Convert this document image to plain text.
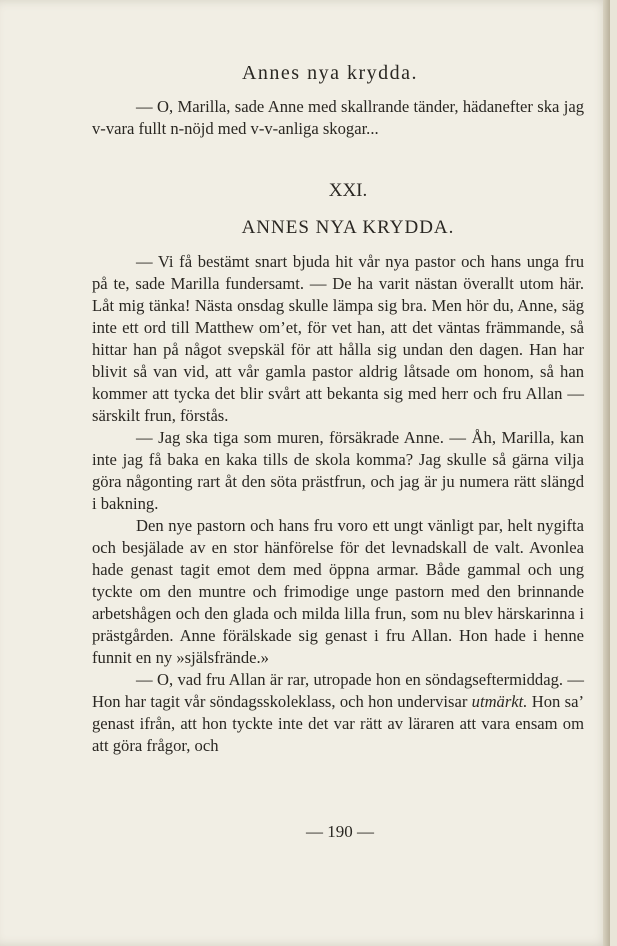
Annes nya krydda.

— O, Marilla, sade Anne med skallrande tänder, hädanefter ska jag v-vara fullt n-nöjd med v-v-anliga skogar...

XXI.

ANNES NYA KRYDDA.

— Vi få bestämt snart bjuda hit vår nya pastor och hans unga fru på te, sade Marilla fundersamt. — De ha varit nästan överallt utom här. Låt mig tänka! Nästa onsdag skulle lämpa sig bra. Men hör du, Anne, säg inte ett ord till Matthew om’et, för vet han, att det väntas främmande, så hittar han på något svepskäl för att hålla sig undan den dagen. Han har blivit så van vid, att vår gamla pastor aldrig låtsade om honom, så han kommer att tycka det blir svårt att bekanta sig med herr och fru Allan — särskilt frun, förstås.

— Jag ska tiga som muren, försäkrade Anne. — Åh, Marilla, kan inte jag få baka en kaka tills de skola komma? Jag skulle så gärna vilja göra någonting rart åt den söta prästfrun, och jag är ju numera rätt slängd i bakning.

Den nye pastorn och hans fru voro ett ungt vänligt par, helt nygifta och besjälade av en stor hänförelse för det levnadskall de valt. Avonlea hade genast tagit emot dem med öppna armar. Både gammal och ung tyckte om den muntre och frimodige unge pastorn med den brinnande arbetshågen och den glada och milda lilla frun, som nu blev härskarinna i prästgården. Anne förälskade sig genast i fru Allan. Hon hade i henne funnit en ny »själsfrände.»

— O, vad fru Allan är rar, utropade hon en söndagseftermiddag. — Hon har tagit vår söndagsskoleklass, och hon undervisar utmärkt. Hon sa’ genast ifrån, att hon tyckte inte det var rätt av läraren att vara ensam om att göra frågor, och

— 190 —
